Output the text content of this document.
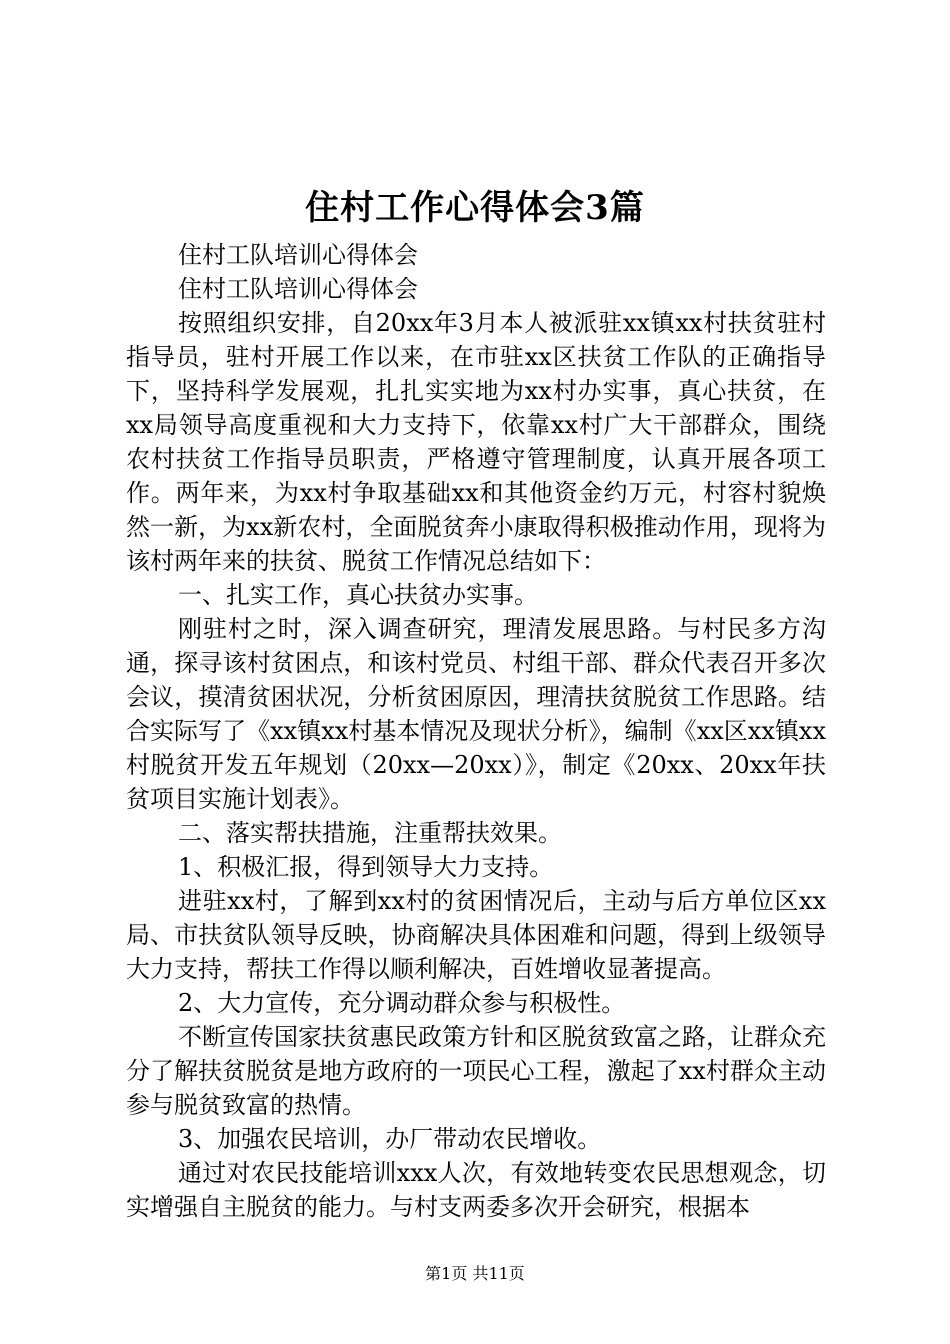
住村工作心得体会3篇

住村工队培训心得体会

住村工队培训心得体会

按照组织安排，自20xx年3月本人被派驻xx镇xx村扶贫驻村指导员，驻村开展工作以来，在市驻xx区扶贫工作队的正确指导下，坚持科学发展观，扎扎实实地为xx村办实事，真心扶贫，在xx局领导高度重视和大力支持下，依靠xx村广大干部群众，围绕农村扶贫工作指导员职责，严格遵守管理制度，认真开展各项工作。两年来，为xx村争取基础xx和其他资金约万元，村容村貌焕然一新，为xx新农村，全面脱贫奔小康取得积极推动作用，现将为该村两年来的扶贫、脱贫工作情况总结如下：

一、扎实工作，真心扶贫办实事。

刚驻村之时，深入调查研究，理清发展思路。与村民多方沟通，探寻该村贫困点，和该村党员、村组干部、群众代表召开多次会议，摸清贫困状况，分析贫困原因，理清扶贫脱贫工作思路。结合实际写了《xx镇xx村基本情况及现状分析》，编制《xx区xx镇xx村脱贫开发五年规划（20xx—20xx）》，制定《20xx、20xx年扶贫项目实施计划表》。

二、落实帮扶措施，注重帮扶效果。

1、积极汇报，得到领导大力支持。

进驻xx村，了解到xx村的贫困情况后，主动与后方单位区xx局、市扶贫队领导反映，协商解决具体困难和问题，得到上级领导大力支持，帮扶工作得以顺利解决，百姓增收显著提高。

2、大力宣传，充分调动群众参与积极性。

不断宣传国家扶贫惠民政策方针和区脱贫致富之路，让群众充分了解扶贫脱贫是地方政府的一项民心工程，激起了xx村群众主动参与脱贫致富的热情。

3、加强农民培训，办厂带动农民增收。

通过对农民技能培训xxx人次，有效地转变农民思想观念，切实增强自主脱贫的能力。与村支两委多次开会研究，根据本

第1页 共11页
